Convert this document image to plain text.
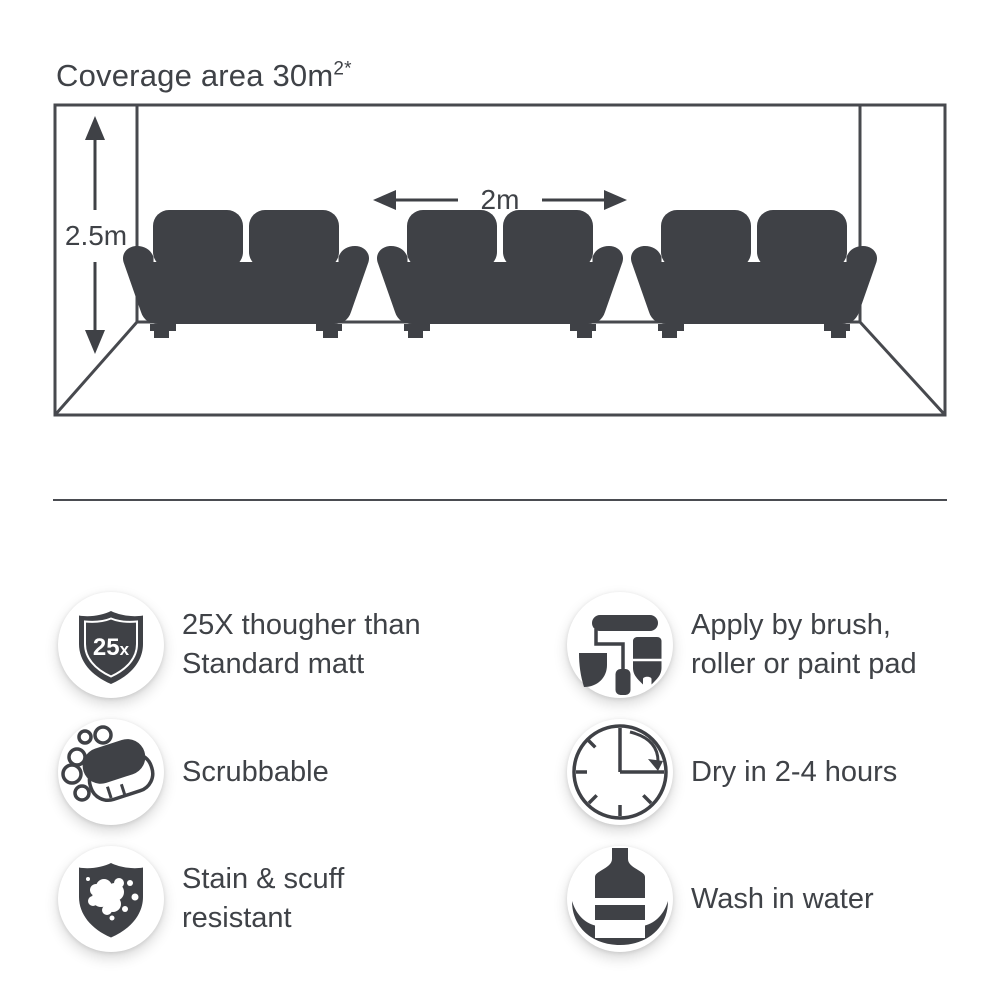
Coverage area $30m^{2*}$
2.5m
2m
25x
25X thougher than
Standard matt
Scrubbable
Stain & scuff
resistant
Apply by brush,
roller or paint pad
Dry in 2-4 hours
Wash in water
